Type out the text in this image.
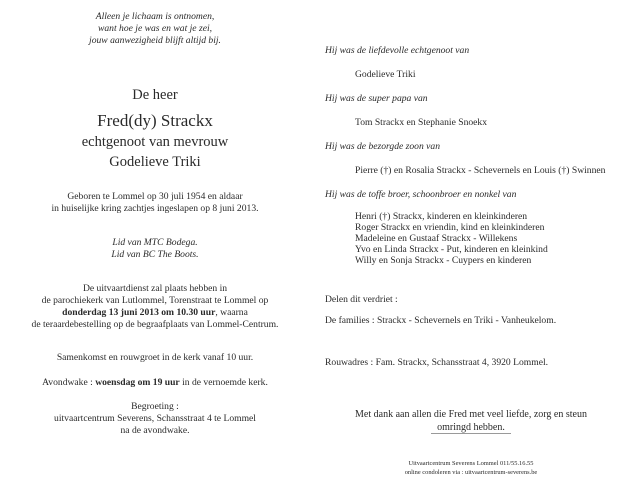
Alleen je lichaam is ontnomen,
want hoe je was en wat je zei,
jouw aanwezigheid blijft altijd bij.
De heer
Fred(dy) Strackx
echtgenoot van mevrouw
Godelieve Triki
Geboren te Lommel op 30 juli 1954 en aldaar
in huiselijke kring zachtjes ingeslapen op 8 juni 2013.
Lid van MTC Bodega.
Lid van BC The Boots.
De uitvaartdienst zal plaats hebben in
de parochiekerk van Lutlommel, Torenstraat te Lommel op
donderdag 13 juni 2013 om 10.30 uur, waarna
de teraardebestelling op de begraafplaats van Lommel-Centrum.
Samenkomst en rouwgroet in de kerk vanaf 10 uur.
Avondwake : woensdag om 19 uur in de vernoemde kerk.
Begroeting :
uitvaartcentrum Severens, Schansstraat 4 te Lommel
na de avondwake.
Hij was de liefdevolle echtgenoot van
Godelieve Triki
Hij was de super papa van
Tom Strackx en Stephanie Snoekx
Hij was de bezorgde zoon van
Pierre (†) en Rosalia Strackx - Schevernels en Louis (†) Swinnen
Hij was de toffe broer, schoonbroer en nonkel van
Henri (†) Strackx, kinderen en kleinkinderen
Roger Strackx en vriendin, kind en kleinkinderen
Madeleine en Gustaaf Strackx - Willekens
Yvo en Linda Strackx - Put, kinderen en kleinkind
Willy en Sonja Strackx - Cuypers en kinderen
Delen dit verdriet :
De families : Strackx - Schevernels en Triki - Vanheukelom.
Rouwadres : Fam. Strackx, Schansstraat 4, 3920 Lommel.
Met dank aan allen die Fred met veel liefde, zorg en steun
omringd hebben.
Uitvaartcentrum Severens Lommel 011/55.16.55
online condoleren via : uitvaartcentrum-severens.be
